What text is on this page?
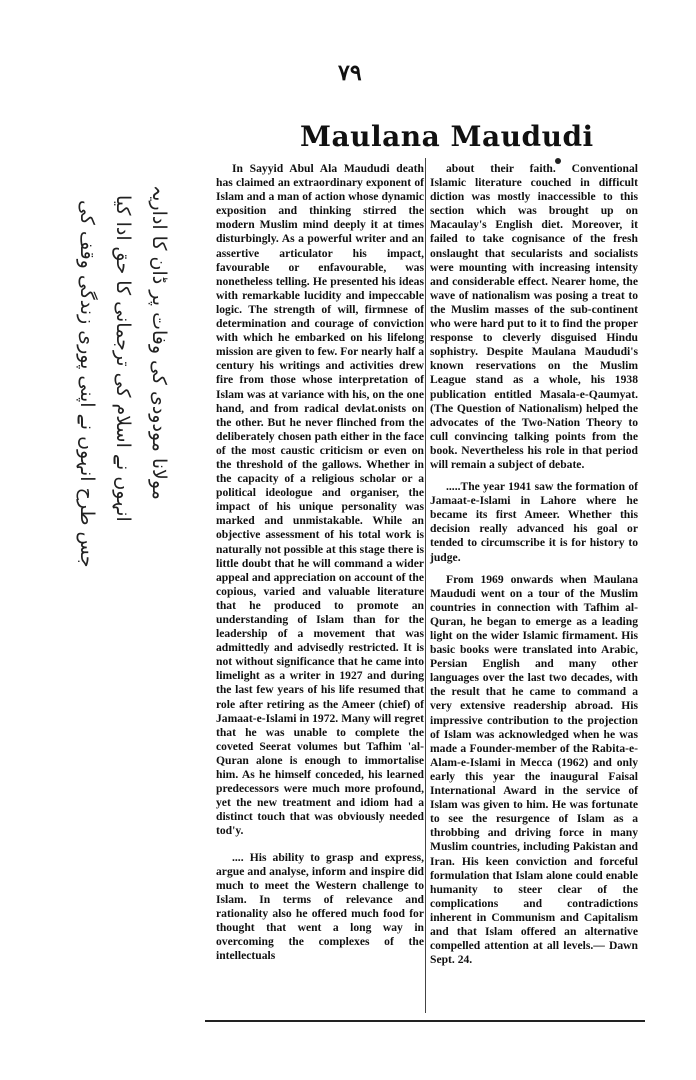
۷۹
Maulana Maududi

In Sayyid Abul Ala Maududi death has claimed an extraordinary exponent of Islam and a man of action whose dynamic exposition and thinking stirred the modern Muslim mind deeply it at times disturbingly. As a powerful writer and an assertive articulator his impact, favourable or enfavourable, was nonetheless telling. He presented his ideas with remarkable lucidity and impeccable logic. The strength of will, firmnese of determination and courage of conviction with which he embarked on his lifelong mission are given to few. For nearly half a century his writings and activities drew fire from those whose interpretation of Islam was at variance with his, on the one hand, and from radical devlat.onists on the other. But he never flinched from the deliberately chosen path either in the face of the most caustic criticism or even on the threshold of the gallows. Whether in the capacity of a religious scholar or a political ideologue and organiser, the impact of his unique personality was marked and unmistakable. While an objective assessment of his total work is naturally not possible at this stage there is little doubt that he will command a wider appeal and appreciation on account of the copious, varied and valuable literature that he produced to promote an understanding of Islam than for the leadership of a movement that was admittedly and advisedly restricted. It is not without significance that he came into limelight as a writer in 1927 and during the last few years of his life resumed that role after retiring as the Ameer (chief) of Jamaat-e-Islami in 1972. Many will regret that he was unable to complete the coveted Seerat volumes but Tafhim 'al-Quran alone is enough to immortalise him. As he himself conceded, his learned predecessors were much more profound, yet the new treatment and idiom had a distinct touch that was obviously needed tod'y.

.... His ability to grasp and express, argue and analyse, inform and inspire did much to meet the Western challenge to Islam. In terms of relevance and rationality also he offered much food for thought that went a long way in overcoming the complexes of the intellectuals

about their faith. Conventional Islamic literature couched in difficult diction was mostly inaccessible to this section which was brought up on Macaulay's English diet. Moreover, it failed to take cognisance of the fresh onslaught that secularists and socialists were mounting with increasing intensity and considerable effect. Nearer home, the wave of nationalism was posing a treat to the Muslim masses of the sub-continent who were hard put to it to find the proper response to cleverly disguised Hindu sophistry. Despite Maulana Maududi's known reservations on the Muslim League stand as a whole, his 1938 publication entitled Masala-e-Qaumyat. (The Question of Nationalism) helped the advocates of the Two-Nation Theory to cull convincing talking points from the book. Nevertheless his role in that period will remain a subject of debate.

.....The year 1941 saw the formation of Jamaat-e-Islami in Lahore where he became its first Ameer. Whether this decision really advanced his goal or tended to circumscribe it is for history to judge.

From 1969 onwards when Maulana Maududi went on a tour of the Muslim countries in connection with Tafhim al-Quran, he began to emerge as a leading light on the wider Islamic firmament. His basic books were translated into Arabic, Persian English and many other languages over the last two decades, with the result that he came to command a very extensive readership abroad. His impressive contribution to the projection of Islam was acknowledged when he was made a Founder-member of the Rabita-e-Alam-e-Islami in Mecca (1962) and only early this year the inaugural Faisal International Award in the service of Islam was given to him. He was fortunate to see the resurgence of Islam as a throbbing and driving force in many Muslim countries, including Pakistan and Iran. His keen conviction and forceful formulation that Islam alone could enable humanity to steer clear of the complications and contradictions inherent in Communism and Capitalism and that Islam offered an alternative compelled attention at all levels.— Dawn Sept. 24.

مولانا مودودی کی وفات پر ڈان کا اداریہ
انہوں نے اسلام کی ترجمانی کا حق ادا کیا
جس طرح انہوں نے اپنی پوری زندگی وقف کی
